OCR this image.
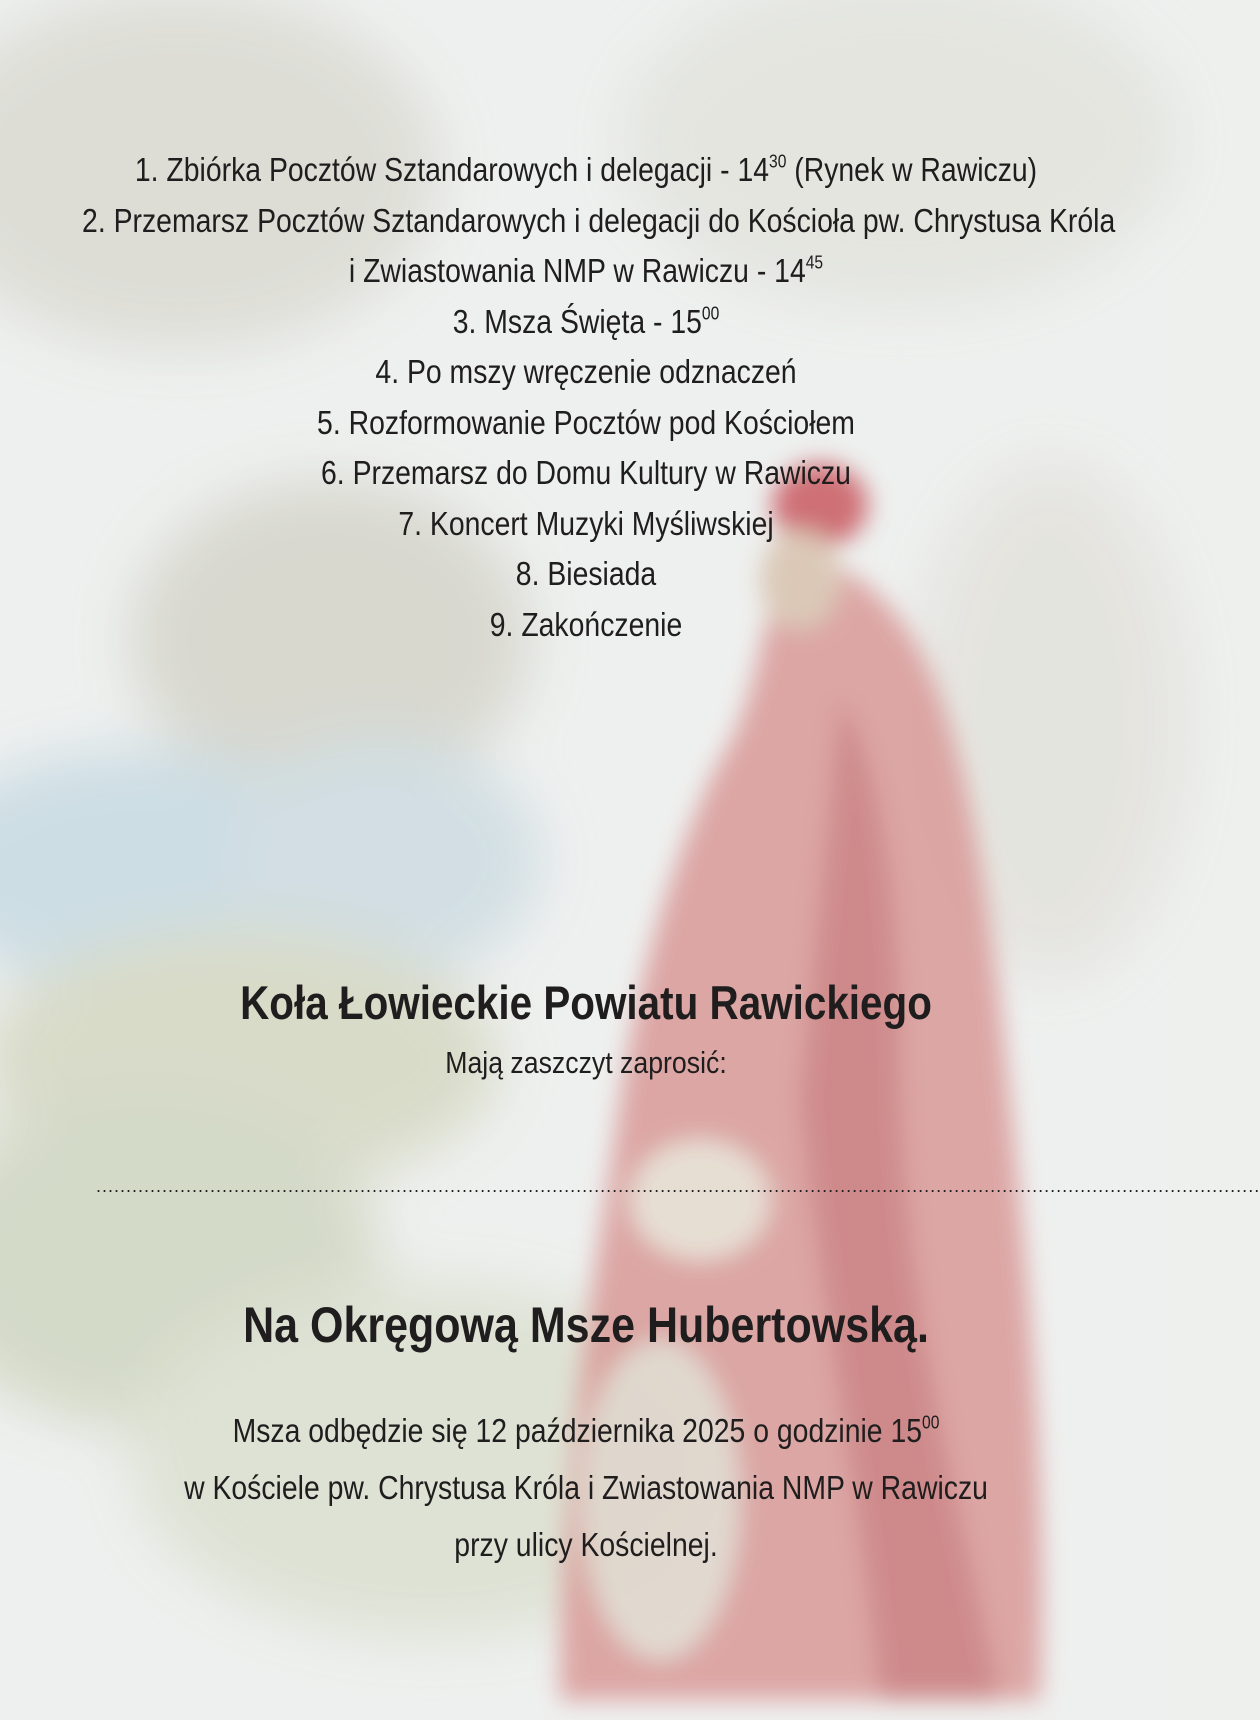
1. Zbiórka Pocztów Sztandarowych i delegacji - $14^{30}$ (Rynek w Rawiczu)
2. Przemarsz Pocztów Sztandarowych i delegacji do Kościoła pw. Chrystusa Króla
i Zwiastowania NMP w Rawiczu - $14^{45}$
3. Msza Święta - $15^{00}$
4. Po mszy wręczenie odznaczeń
5. Rozformowanie Pocztów pod Kościołem
6. Przemarsz do Domu Kultury w Rawiczu
7. Koncert Muzyki Myśliwskiej
8. Biesiada
9. Zakończenie
Koła Łowieckie Powiatu Rawickiego
Mają zaszczyt zaprosić:
..................................................................................................................................................................................................
Na Okręgową Msze Hubertowską.
Msza odbędzie się 12 października 2025 o godzinie $15^{00}$
w Kościele pw. Chrystusa Króla i Zwiastowania NMP w Rawiczu
przy ulicy Kościelnej.
